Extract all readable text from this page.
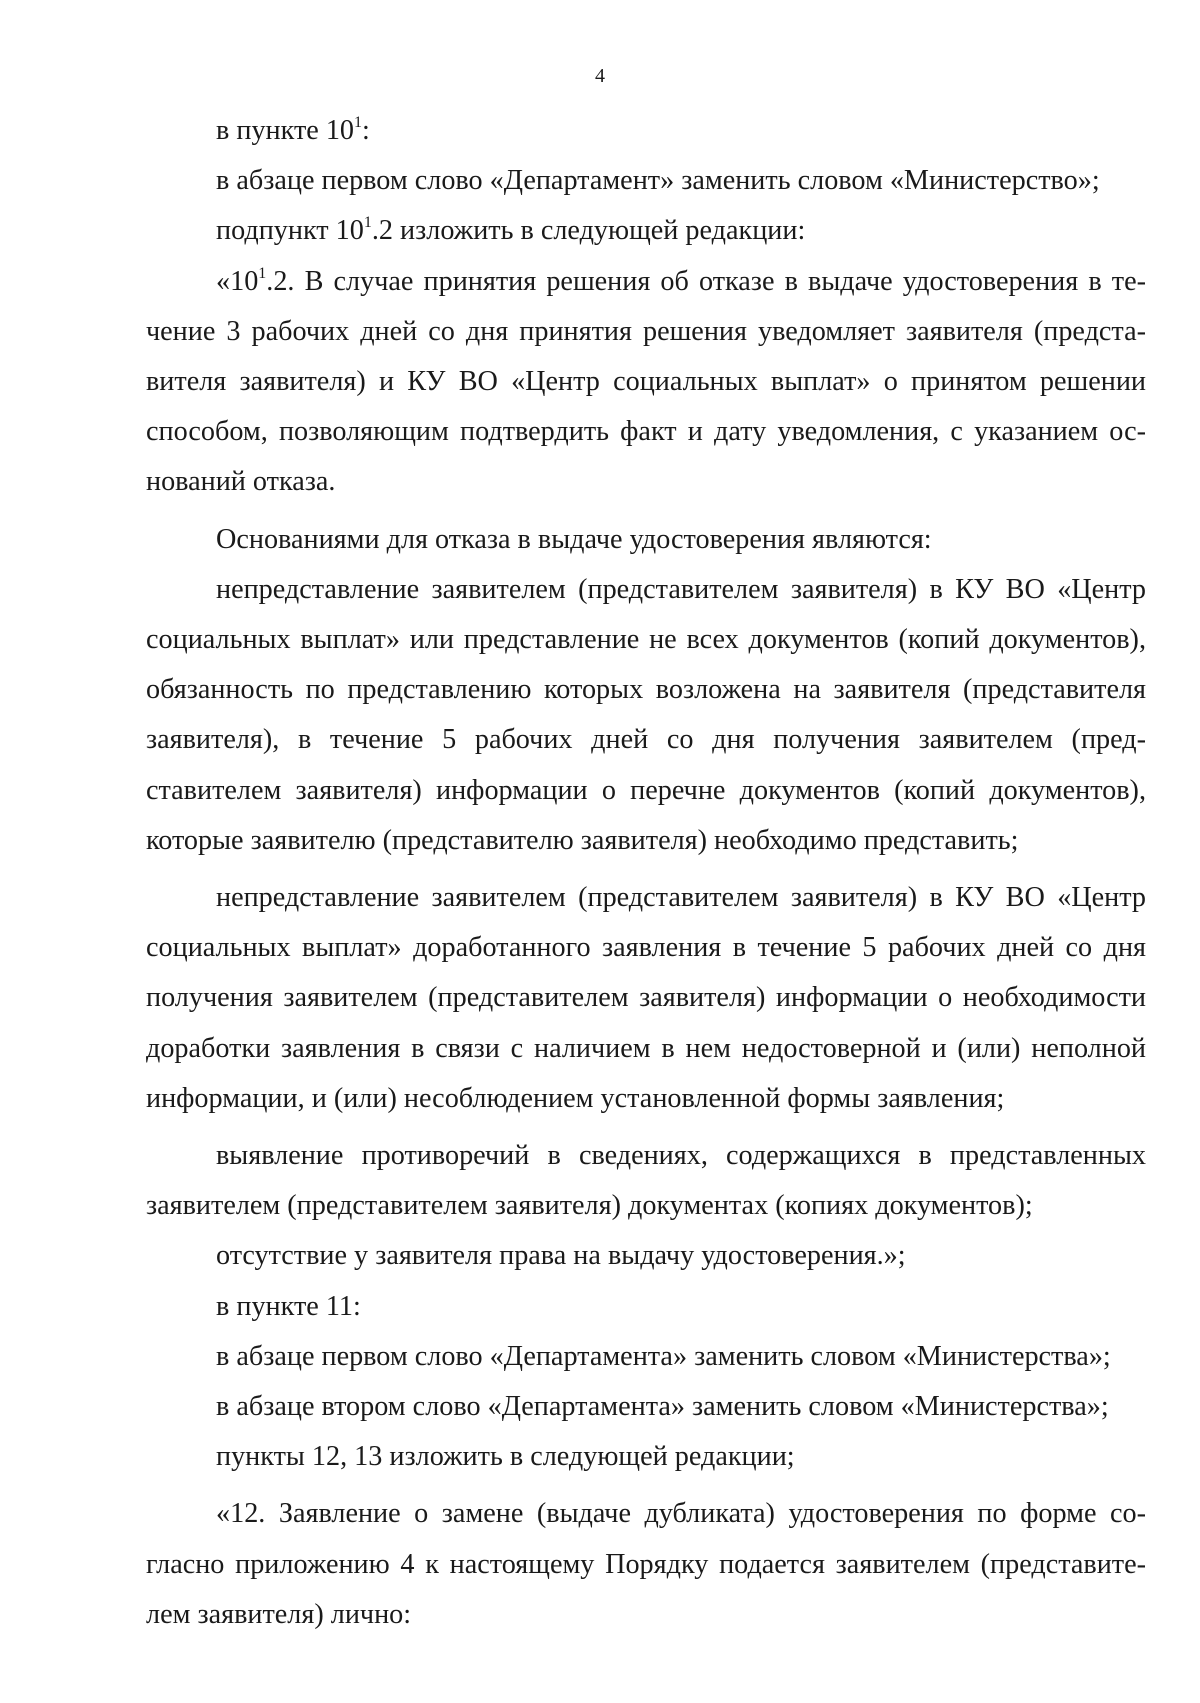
4

в пункте $10^1$:

в абзаце первом слово «Департамент» заменить словом «Министерство»;

подпункт $10^1.2$ изложить в следующей редакции:

«$10^1.2$. В случае принятия решения об отказе в выдаче удостоверения в течение 3 рабочих дней со дня принятия решения уведомляет заявителя (представителя заявителя) и КУ ВО «Центр социальных выплат» о принятом решении способом, позволяющим подтвердить факт и дату уведомления, с указанием оснований отказа.

Основаниями для отказа в выдаче удостоверения являются:

непредставление заявителем (представителем заявителя) в КУ ВО «Центр социальных выплат» или представление не всех документов (копий документов), обязанность по представлению которых возложена на заявителя (представителя заявителя), в течение 5 рабочих дней со дня получения заявителем (представителем заявителя) информации о перечне документов (копий документов), которые заявителю (представителю заявителя) необходимо представить;

непредставление заявителем (представителем заявителя) в КУ ВО «Центр социальных выплат» доработанного заявления в течение 5 рабочих дней со дня получения заявителем (представителем заявителя) информации о необходимости доработки заявления в связи с наличием в нем недостоверной и (или) неполной информации, и (или) несоблюдением установленной формы заявления;

выявление противоречий в сведениях, содержащихся в представленных заявителем (представителем заявителя) документах (копиях документов);

отсутствие у заявителя права на выдачу удостоверения.»;

в пункте 11:

в абзаце первом слово «Департамента» заменить словом «Министерства»;

в абзаце втором слово «Департамента» заменить словом «Министерства»;

пункты 12, 13 изложить в следующей редакции;

«12. Заявление о замене (выдаче дубликата) удостоверения по форме согласно приложению 4 к настоящему Порядку подается заявителем (представителем заявителя) лично:
